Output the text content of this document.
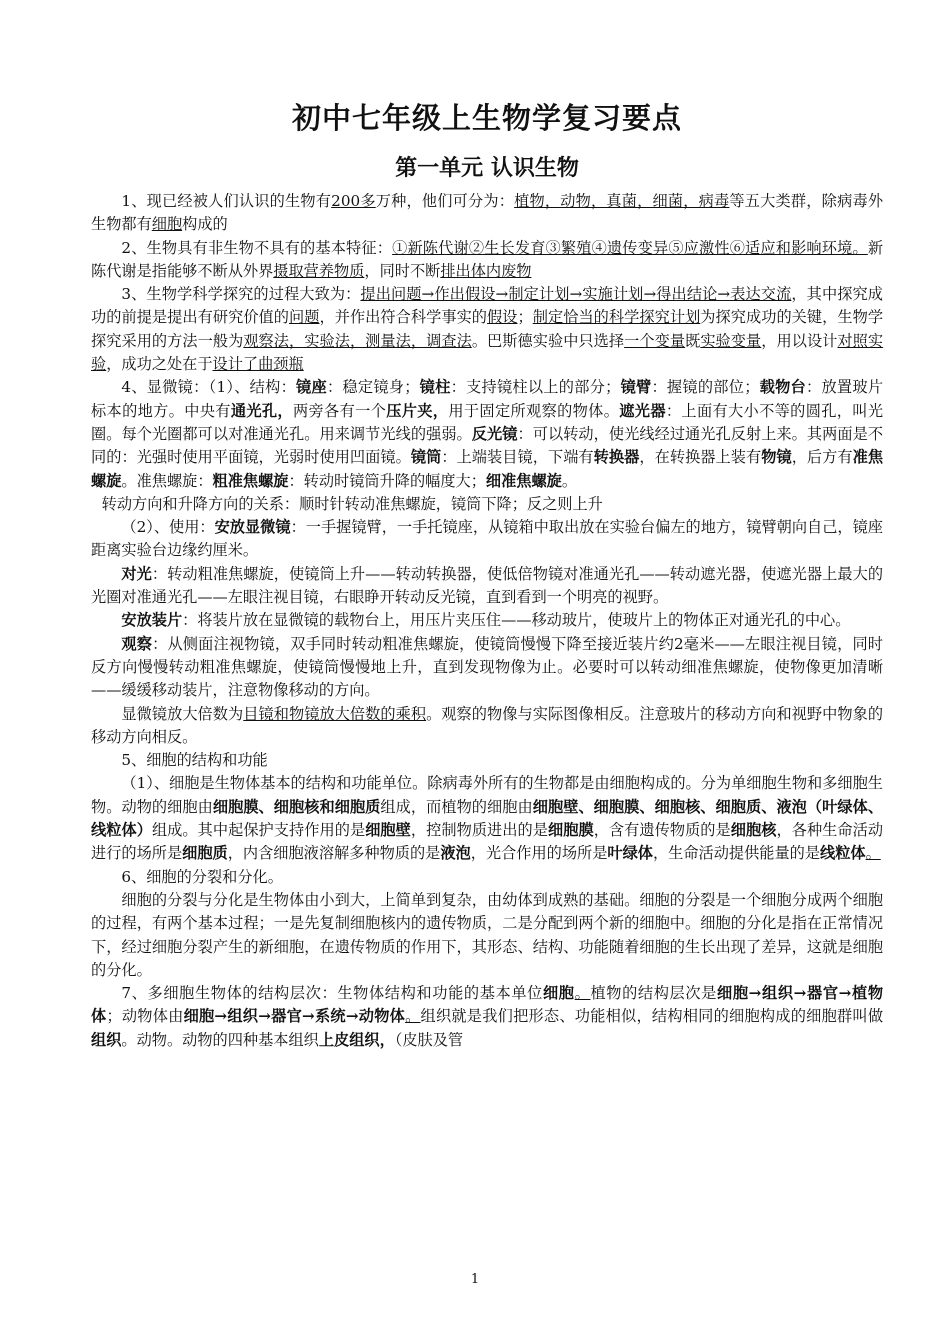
初中七年级上生物学复习要点
第一单元 认识生物

1、现已经被人们认识的生物有200多万种，他们可分为：植物，动物，真菌，细菌，病毒等五大类群，除病毒外生物都有细胞构成的

2、生物具有非生物不具有的基本特征：①新陈代谢②生长发育③繁殖④遗传变异⑤应激性⑥适应和影响环境。新陈代谢是指能够不断从外界摄取营养物质，同时不断排出体内废物

3、生物学科学探究的过程大致为：提出问题→作出假设→制定计划→实施计划→得出结论→表达交流，其中探究成功的前提是提出有研究价值的问题，并作出符合科学事实的假设；制定恰当的科学探究计划为探究成功的关键，生物学探究采用的方法一般为观察法，实验法，测量法，调查法。巴斯德实验中只选择一个变量既实验变量，用以设计对照实验，成功之处在于设计了曲颈瓶

4、显微镜：（1）、结构：镜座：稳定镜身；镜柱：支持镜柱以上的部分；镜臂：握镜的部位；载物台：放置玻片标本的地方。中央有通光孔，两旁各有一个压片夹，用于固定所观察的物体。遮光器：上面有大小不等的圆孔，叫光圈。每个光圈都可以对准通光孔。用来调节光线的强弱。反光镜：可以转动，使光线经过通光孔反射上来。其两面是不同的：光强时使用平面镜，光弱时使用凹面镜。镜筒：上端装目镜，下端有转换器，在转换器上装有物镜，后方有准焦螺旋。准焦螺旋：粗准焦螺旋：转动时镜筒升降的幅度大；细准焦螺旋。

转动方向和升降方向的关系：顺时针转动准焦螺旋，镜筒下降；反之则上升

（2）、使用：安放显微镜：一手握镜臂，一手托镜座，从镜箱中取出放在实验台偏左的地方，镜臂朝向自己，镜座距离实验台边缘约厘米。

对光：转动粗准焦螺旋，使镜筒上升——转动转换器，使低倍物镜对准通光孔——转动遮光器，使遮光器上最大的光圈对准通光孔——左眼注视目镜，右眼睁开转动反光镜，直到看到一个明亮的视野。

安放装片：将装片放在显微镜的载物台上，用压片夹压住——移动玻片，使玻片上的物体正对通光孔的中心。

观察：从侧面注视物镜，双手同时转动粗准焦螺旋，使镜筒慢慢下降至接近装片约2毫米——左眼注视目镜，同时反方向慢慢转动粗准焦螺旋，使镜筒慢慢地上升，直到发现物像为止。必要时可以转动细准焦螺旋，使物像更加清晰——缓缓移动装片，注意物像移动的方向。

显微镜放大倍数为目镜和物镜放大倍数的乘积。观察的物像与实际图像相反。注意玻片的移动方向和视野中物象的移动方向相反。

5、细胞的结构和功能

（1）、细胞是生物体基本的结构和功能单位。除病毒外所有的生物都是由细胞构成的。分为单细胞生物和多细胞生物。动物的细胞由细胞膜、细胞核和细胞质组成，而植物的细胞由细胞壁、细胞膜、细胞核、细胞质、液泡（叶绿体、线粒体）组成。其中起保护支持作用的是细胞壁，控制物质进出的是细胞膜，含有遗传物质的是细胞核，各种生命活动进行的场所是细胞质，内含细胞液溶解多种物质的是液泡，光合作用的场所是叶绿体，生命活动提供能量的是线粒体。

6、细胞的分裂和分化。

细胞的分裂与分化是生物体由小到大，上简单到复杂，由幼体到成熟的基础。细胞的分裂是一个细胞分成两个细胞的过程，有两个基本过程；一是先复制细胞核内的遗传物质，二是分配到两个新的细胞中。细胞的分化是指在正常情况下，经过细胞分裂产生的新细胞，在遗传物质的作用下，其形态、结构、功能随着细胞的生长出现了差异，这就是细胞的分化。

7、多细胞生物体的结构层次：生物体结构和功能的基本单位细胞。植物的结构层次是细胞→组织→器官→植物体；动物体由细胞→组织→器官→系统→动物体。组织就是我们把形态、功能相似，结构相同的细胞构成的细胞群叫做组织。动物。动物的四种基本组织上皮组织，（皮肤及管

1
